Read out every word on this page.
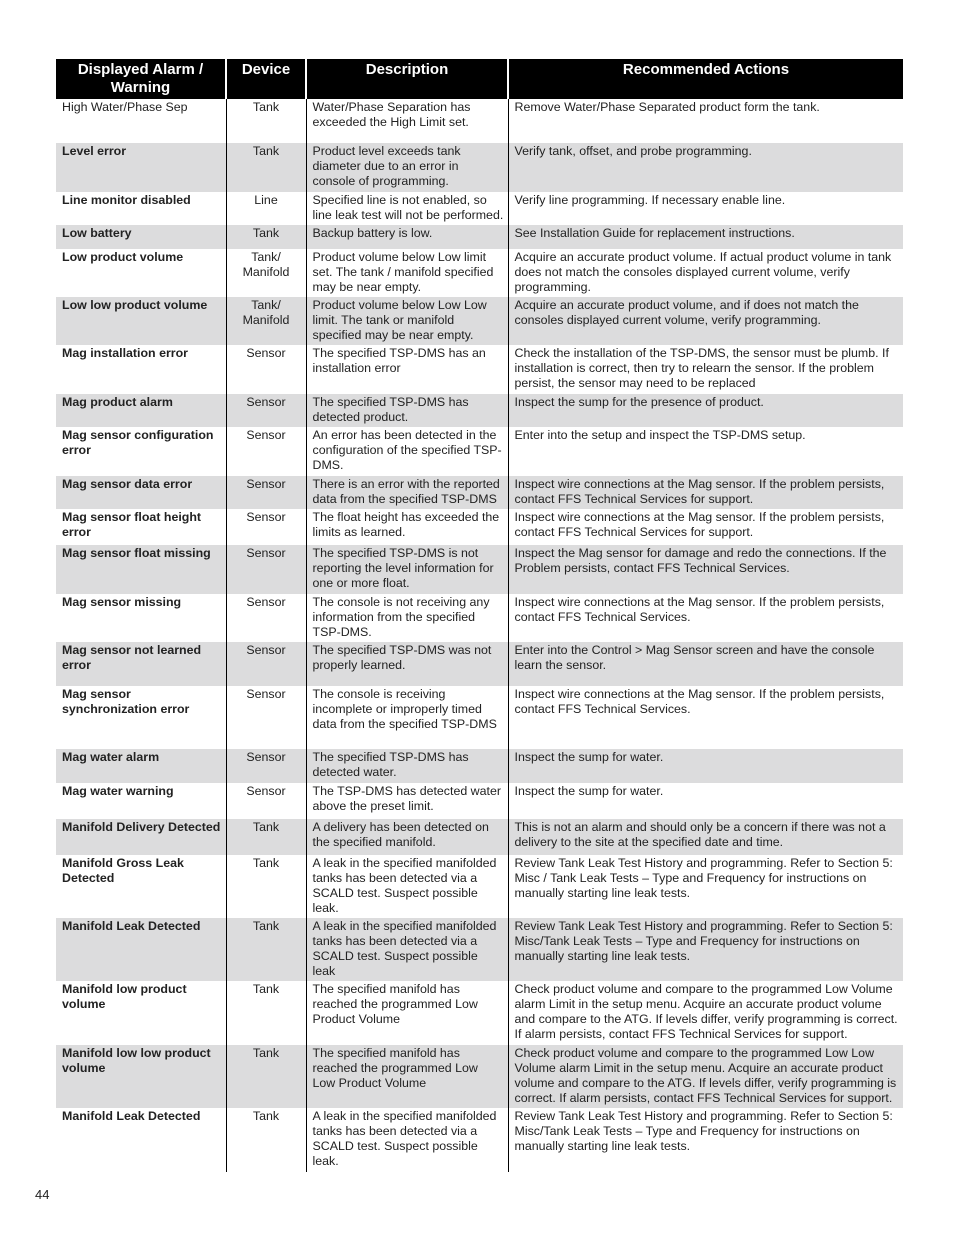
Displayed Alarm / Warning	Device	Description	Recommended Actions
High Water/Phase Sep	Tank	Water/Phase Separation has exceeded the High Limit set.	Remove Water/Phase Separated product form the tank.
Level error	Tank	Product level exceeds tank diameter due to an error in console of programming.	Verify tank, offset, and probe programming.
Line monitor disabled	Line	Specified line is not enabled, so line leak test will not be performed.	Verify line programming. If necessary enable line.
Low battery	Tank	Backup battery is low.	See Installation Guide for replacement instructions.
Low product volume	Tank/ Manifold	Product volume below Low limit set. The tank / manifold specified may be near empty.	Acquire an accurate product volume. If actual product volume in tank does not match the consoles displayed current volume, verify programming.
Low low product volume	Tank/ Manifold	Product volume below Low Low limit. The tank or manifold specified may be near empty.	Acquire an accurate product volume, and if does not match the consoles displayed current volume, verify programming.
Mag installation error	Sensor	The specified TSP-DMS has an installation error	Check the installation of the TSP-DMS, the sensor must be plumb. If installation is correct, then try to relearn the sensor. If the problem persist, the sensor may need to be replaced
Mag product alarm	Sensor	The specified TSP-DMS has detected product.	Inspect the sump for the presence of product.
Mag sensor configuration error	Sensor	An error has been detected in the configuration of the specified TSP-DMS.	Enter into the setup and inspect the TSP-DMS setup.
Mag sensor data error	Sensor	There is an error with the reported data from the specified TSP-DMS	Inspect wire connections at the Mag sensor. If the problem persists, contact FFS Technical Services for support.
Mag sensor float height error	Sensor	The float height has exceeded the limits as learned.	Inspect wire connections at the Mag sensor. If the problem persists, contact FFS Technical Services for support.
Mag sensor float missing	Sensor	The specified TSP-DMS is not reporting the level information for one or more float.	Inspect the Mag sensor for damage and redo the connections. If the Problem persists, contact FFS Technical Services.
Mag sensor missing	Sensor	The console is not receiving any information from the specified TSP-DMS.	Inspect wire connections at the Mag sensor. If the problem persists, contact FFS Technical Services.
Mag sensor not learned error	Sensor	The specified TSP-DMS was not properly learned.	Enter into the Control > Mag Sensor screen and have the console learn the sensor.
Mag sensor synchronization error	Sensor	The console is receiving incomplete or improperly timed data from the specified TSP-DMS	Inspect wire connections at the Mag sensor. If the problem persists, contact FFS Technical Services.
Mag water alarm	Sensor	The specified TSP-DMS has detected water.	Inspect the sump for water.
Mag water warning	Sensor	The TSP-DMS has detected water above the preset limit.	Inspect the sump for water.
Manifold Delivery Detected	Tank	A delivery has been detected on the specified manifold.	This is not an alarm and should only be a concern if there was not a delivery to the site at the specified date and time.
Manifold Gross Leak Detected	Tank	A leak in the specified manifolded tanks has been detected via a SCALD test. Suspect possible leak.	Review Tank Leak Test History and programming. Refer to Section 5: Misc / Tank Leak Tests – Type and Frequency for instructions on manually starting line leak tests.
Manifold Leak Detected	Tank	A leak in the specified manifolded tanks has been detected via a SCALD test. Suspect possible leak	Review Tank Leak Test History and programming. Refer to Section 5: Misc/Tank Leak Tests – Type and Frequency for instructions on manually starting line leak tests.
Manifold low product volume	Tank	The specified manifold has reached the programmed Low Product Volume	Check product volume and compare to the programmed Low Volume alarm Limit in the setup menu. Acquire an accurate product volume and compare to the ATG. If levels differ, verify programming is correct. If alarm persists, contact FFS Technical Services for support.
Manifold low low product volume	Tank	The specified manifold has reached the programmed Low Low Product Volume	Check product volume and compare to the programmed Low Low Volume alarm Limit in the setup menu. Acquire an accurate product volume and compare to the ATG. If levels differ, verify programming is correct. If alarm persists, contact FFS Technical Services for support.
Manifold Leak Detected	Tank	A leak in the specified manifolded tanks has been detected via a SCALD test. Suspect possible leak.	Review Tank Leak Test History and programming. Refer to Section 5: Misc/Tank Leak Tests – Type and Frequency for instructions on manually starting line leak tests.
44
